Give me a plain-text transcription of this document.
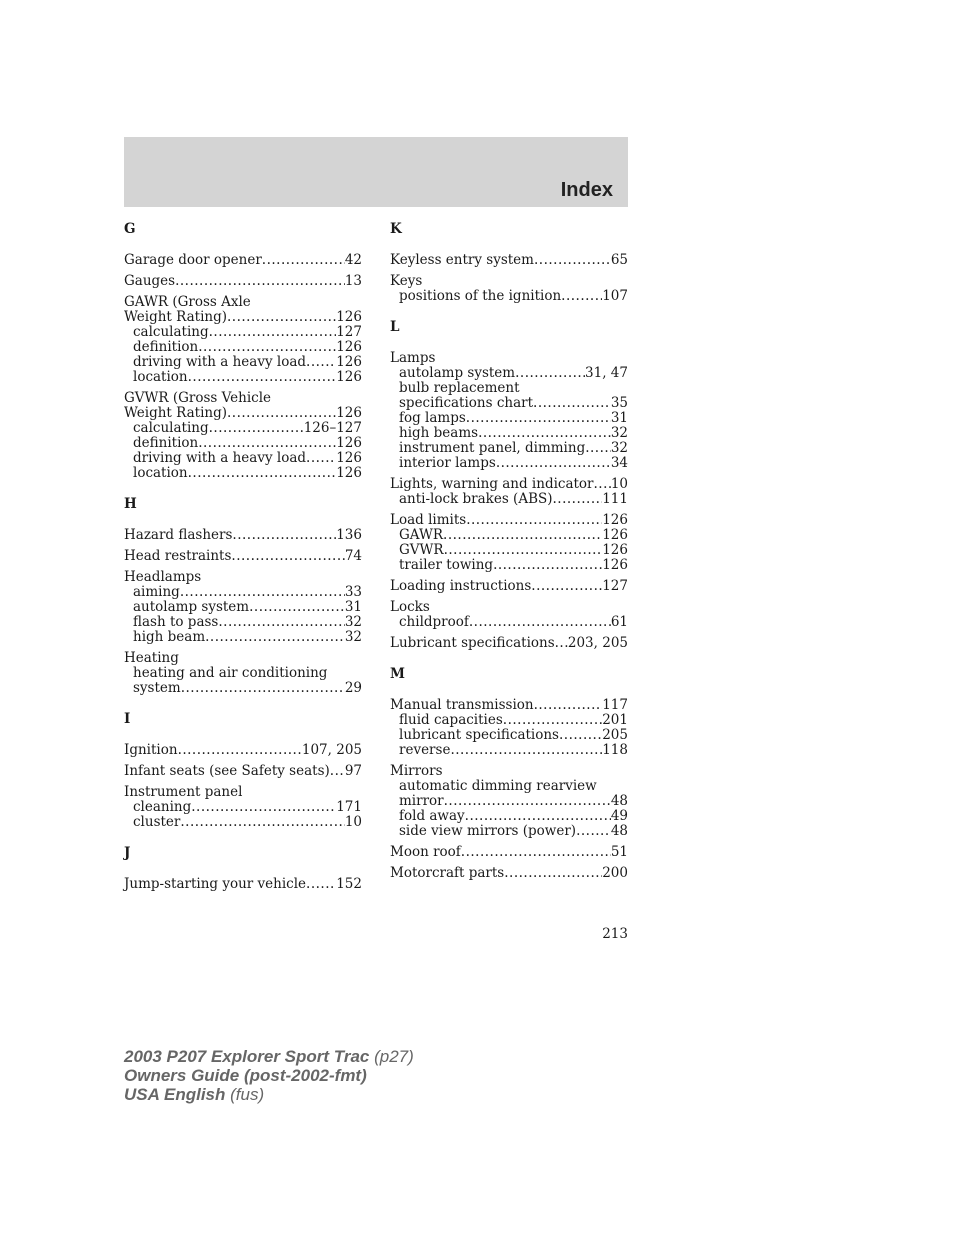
Index
G
Garage door opener .....	42
Gauges .....	13
GAWR (Gross Axle
Weight Rating) .....	126
calculating .....	127
definition .....	126
driving with a heavy load ..... 126
location .....	126
GVWR (Gross Vehicle
Weight Rating) .....	126
calculating .....	126–127
definition .....	126
driving with a heavy load ..... 126
location .....	126
H
Hazard flashers .....	136
Head restraints .....	74
Headlamps
aiming .....	33
autolamp system .....	31
flash to pass .....	32
high beam .....	32
Heating
heating and air conditioning
system .....	29
I
Ignition .....	107, 205
Infant seats (see Safety seats) ..... 97
Instrument panel
cleaning .....	171
cluster .....	10
J
Jump-starting your vehicle ..... 152
K
Keyless entry system .....	65
Keys
positions of the ignition .....	107
L
Lamps
autolamp system .....	31, 47
bulb replacement
specifications chart .....	35
fog lamps .....	31
high beams .....	32
instrument panel, dimming ..... 32
interior lamps .....	34
Lights, warning and indicator ..... 10
anti-lock brakes (ABS) .....	111
Load limits .....	126
GAWR .....	126
GVWR .....	126
trailer towing .....	126
Loading instructions .....	127
Locks
childproof .....	61
Lubricant specifications ..... 203, 205
M
Manual transmission .....	117
fluid capacities .....	201
lubricant specifications .....	205
reverse .....	118
Mirrors
automatic dimming rearview
mirror .....	48
fold away .....	49
side view mirrors (power) .....	48
Moon roof .....	51
Motorcraft parts .....	200
213
2003 P207 Explorer Sport Trac (p27)
Owners Guide (post-2002-fmt)
USA English (fus)
